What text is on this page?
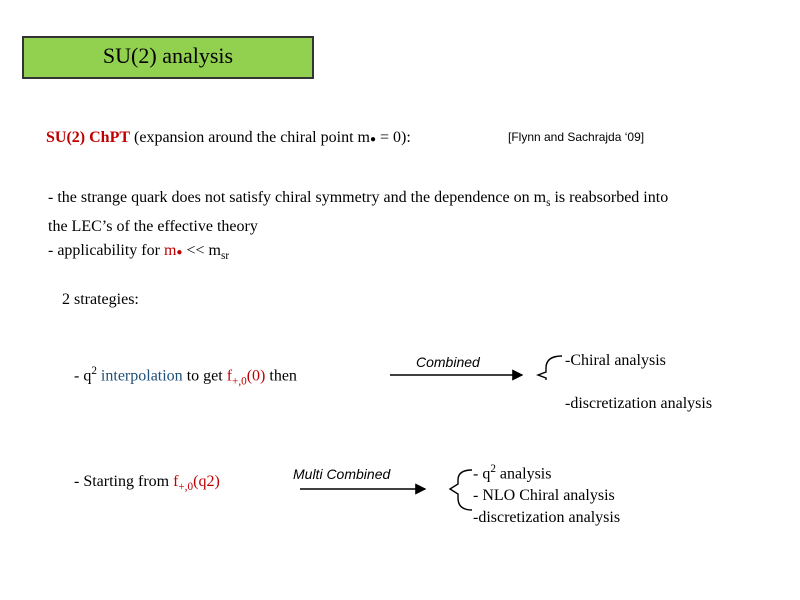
SU(2) analysis
SU(2) ChPT (expansion around the chiral point m● = 0):	[Flynn and Sachrajda ‘09]
- the strange quark does not satisfy chiral symmetry and the dependence on $m_s$ is reabsorbed into
the LEC’s of the effective theory
- applicability for m● << $m_{sr}$
2 strategies:
- $q^2$ interpolation to get $f_{+,0}(0)$ then
Combined
- Starting from $f_{+,0}(q2)$	Multi Combined
-Chiral analysis
-discretization analysis
- $q^2$ analysis
- NLO Chiral analysis
-discretization analysis
